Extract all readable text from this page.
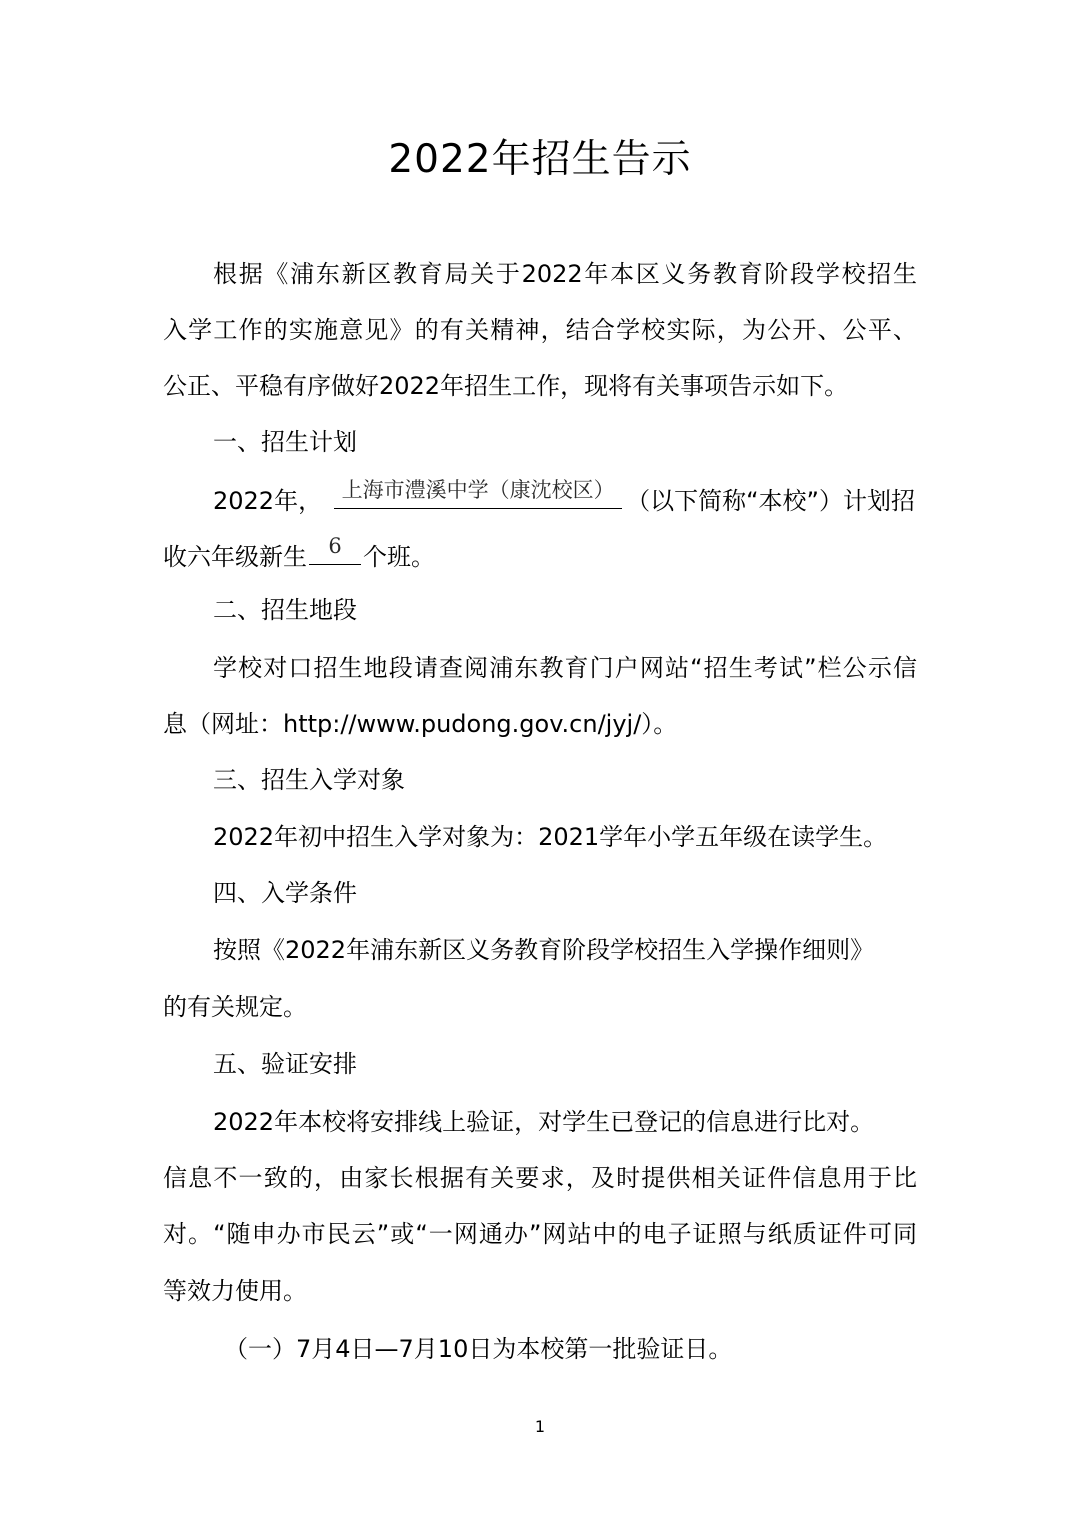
2022年招生告示

根据《浦东新区教育局关于2022年本区义务教育阶段学校招生

入学工作的实施意见》的有关精神，结合学校实际，为公开、公平、

公正、平稳有序做好2022年招生工作，现将有关事项告示如下。

一、招生计划

2022年， 上海市澧溪中学（康沈校区） （以下简称“本校”）计划招

收六年级新生	6 个班。

二、招生地段

学校对口招生地段请查阅浦东教育门户网站“招生考试”栏公示信

息（网址：http://www.pudong.gov.cn/jyj/）。

三、招生入学对象

2022年初中招生入学对象为：2021学年小学五年级在读学生。

四、入学条件

按照《2022年浦东新区义务教育阶段学校招生入学操作细则》

的有关规定。

五、验证安排

2022年本校将安排线上验证，对学生已登记的信息进行比对。

信息不一致的，由家长根据有关要求，及时提供相关证件信息用于比

对。“随申办市民云”或“一网通办”网站中的电子证照与纸质证件可同

等效力使用。

（一）7月4日—7月10日为本校第一批验证日。

1
